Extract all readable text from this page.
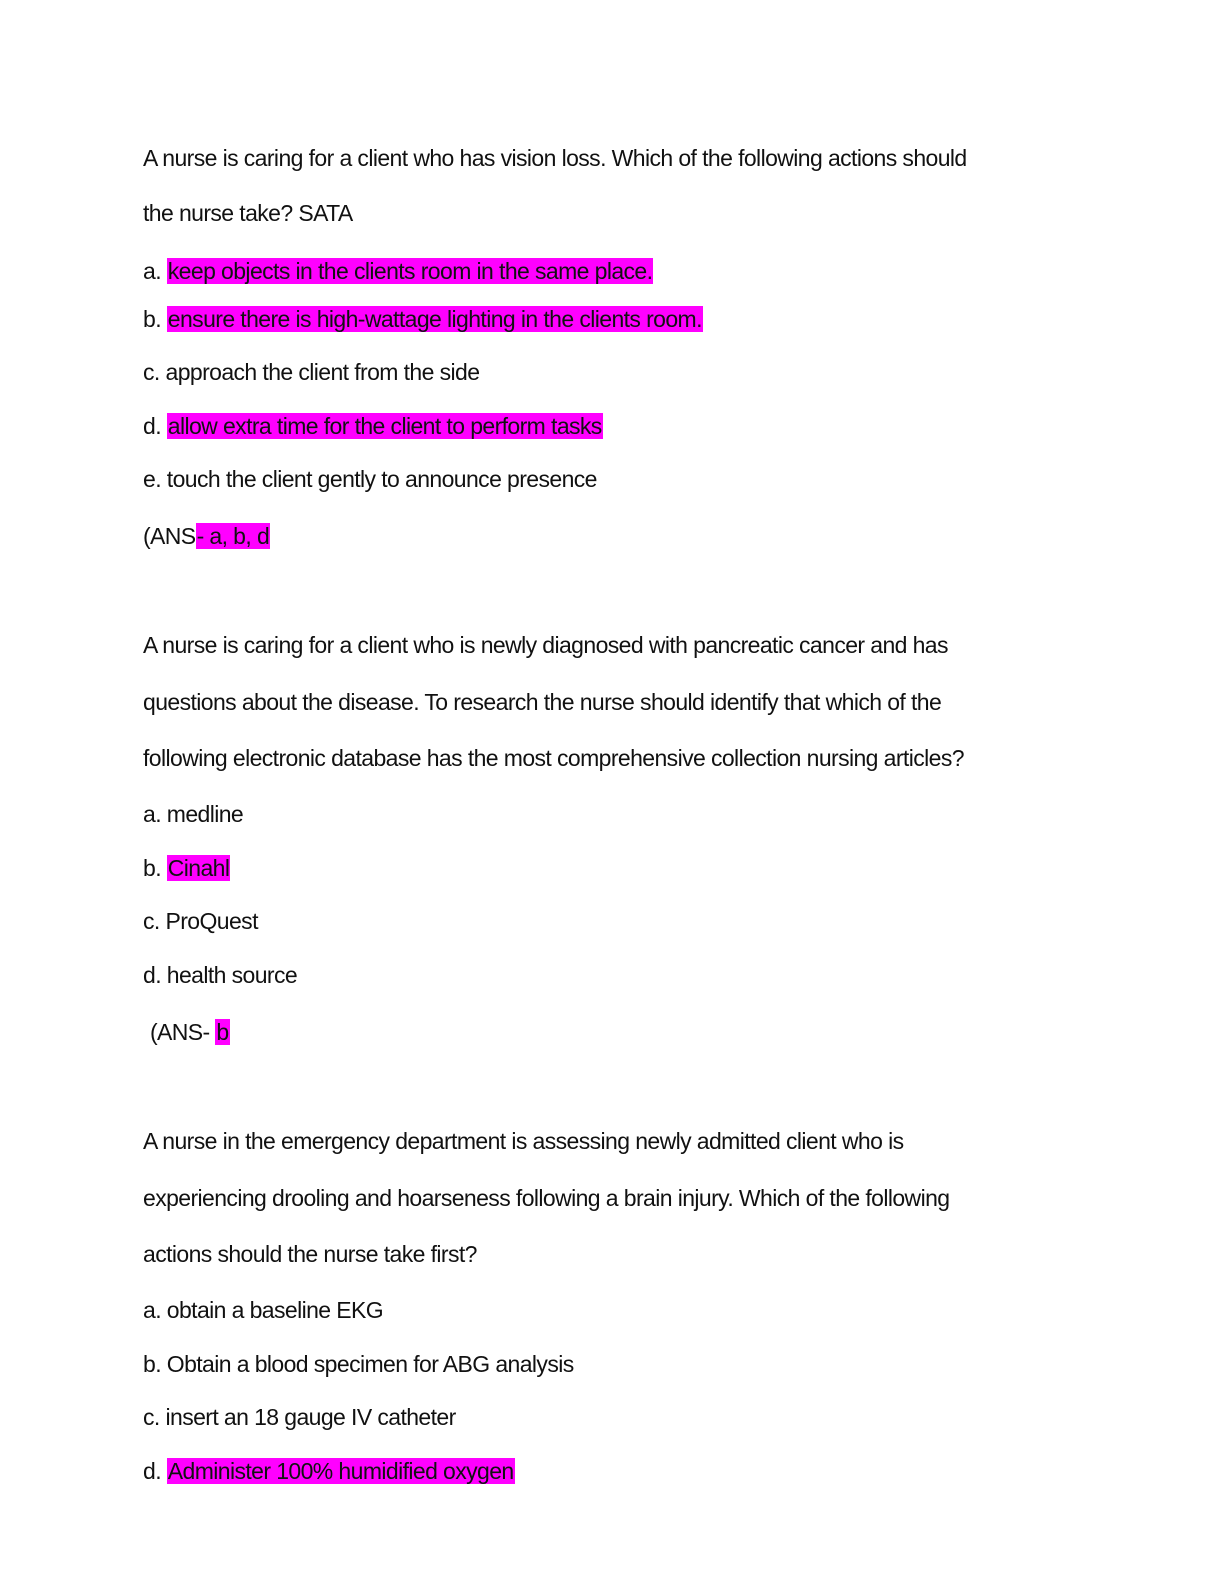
A nurse is caring for a client who has vision loss. Which of the following actions should
the nurse take? SATA
a. keep objects in the clients room in the same place.
b. ensure there is high-wattage lighting in the clients room.
c. approach the client from the side
d. allow extra time for the client to perform tasks
e. touch the client gently to announce presence
(ANS- a, b, d
A nurse is caring for a client who is newly diagnosed with pancreatic cancer and has
questions about the disease. To research the nurse should identify that which of the
following electronic database has the most comprehensive collection nursing articles?
a. medline
b. Cinahl
c. ProQuest
d. health source
(ANS- b
A nurse in the emergency department is assessing newly admitted client who is
experiencing drooling and hoarseness following a brain injury. Which of the following
actions should the nurse take first?
a. obtain a baseline EKG
b. Obtain a blood specimen for ABG analysis
c. insert an 18 gauge IV catheter
d. Administer 100% humidified oxygen
